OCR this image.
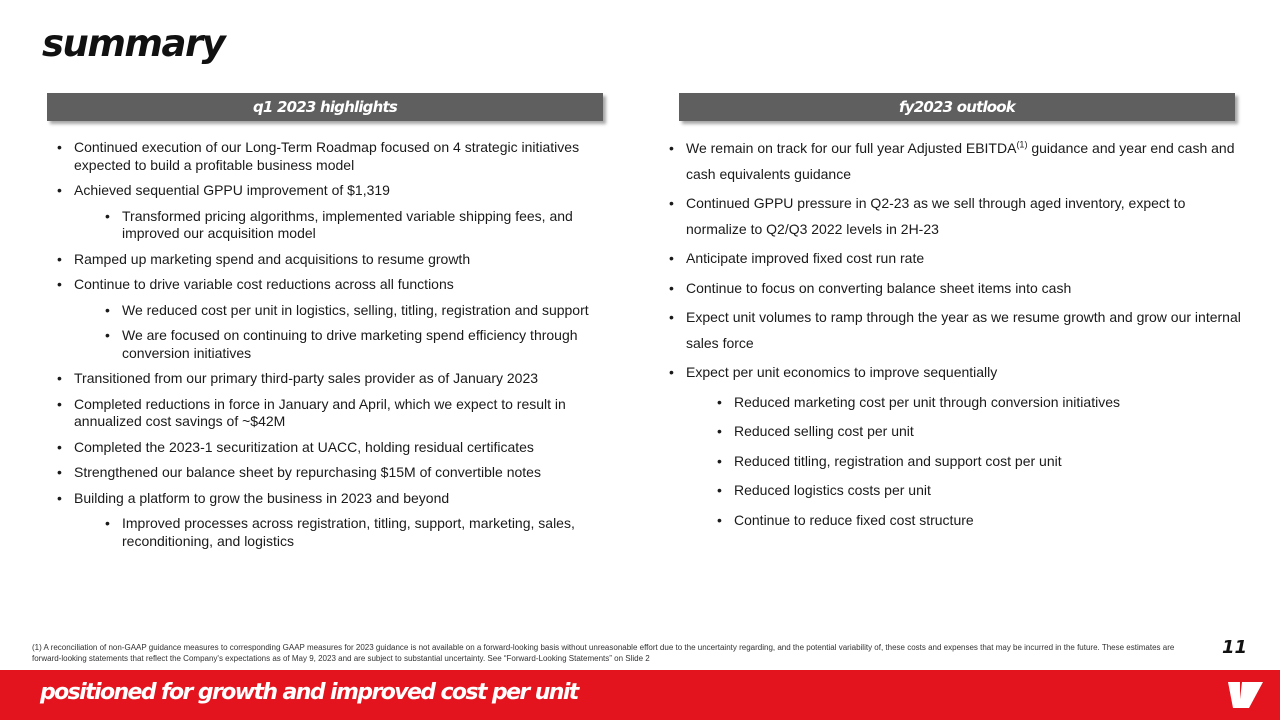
summary
q1 2023 highlights	fy2023 outlook
• Continued execution of our Long-Term Roadmap focused on 4 strategic initiatives expected to build a profitable business model
• Achieved sequential GPPU improvement of $1,319
• Transformed pricing algorithms, implemented variable shipping fees, and improved our acquisition model
• Ramped up marketing spend and acquisitions to resume growth
• Continue to drive variable cost reductions across all functions
• We reduced cost per unit in logistics, selling, titling, registration and support
• We are focused on continuing to drive marketing spend efficiency through conversion initiatives
• Transitioned from our primary third-party sales provider as of January 2023
• Completed reductions in force in January and April, which we expect to result in annualized cost savings of ~$42M
• Completed the 2023-1 securitization at UACC, holding residual certificates
• Strengthened our balance sheet by repurchasing $15M of convertible notes
• Building a platform to grow the business in 2023 and beyond
• Improved processes across registration, titling, support, marketing, sales, reconditioning, and logistics
• We remain on track for our full year Adjusted EBITDA$^{(1)}$ guidance and year end cash and cash equivalents guidance
• Continued GPPU pressure in Q2-23 as we sell through aged inventory, expect to normalize to Q2/Q3 2022 levels in 2H-23
• Anticipate improved fixed cost run rate
• Continue to focus on converting balance sheet items into cash
• Expect unit volumes to ramp through the year as we resume growth and grow our internal sales force
• Expect per unit economics to improve sequentially
• Reduced marketing cost per unit through conversion initiatives
• Reduced selling cost per unit
• Reduced titling, registration and support cost per unit
• Reduced logistics costs per unit
• Continue to reduce fixed cost structure
(1) A reconciliation of non-GAAP guidance measures to corresponding GAAP measures for 2023 guidance is not available on a forward-looking basis without unreasonable effort due to the uncertainty regarding, and the potential variability of, these costs and expenses that may be incurred in the future. These estimates are forward-looking statements that reflect the Company's expectations as of May 9, 2023 and are subject to substantial uncertainty. See “Forward-Looking Statements” on Slide 2
11
positioned for growth and improved cost per unit
